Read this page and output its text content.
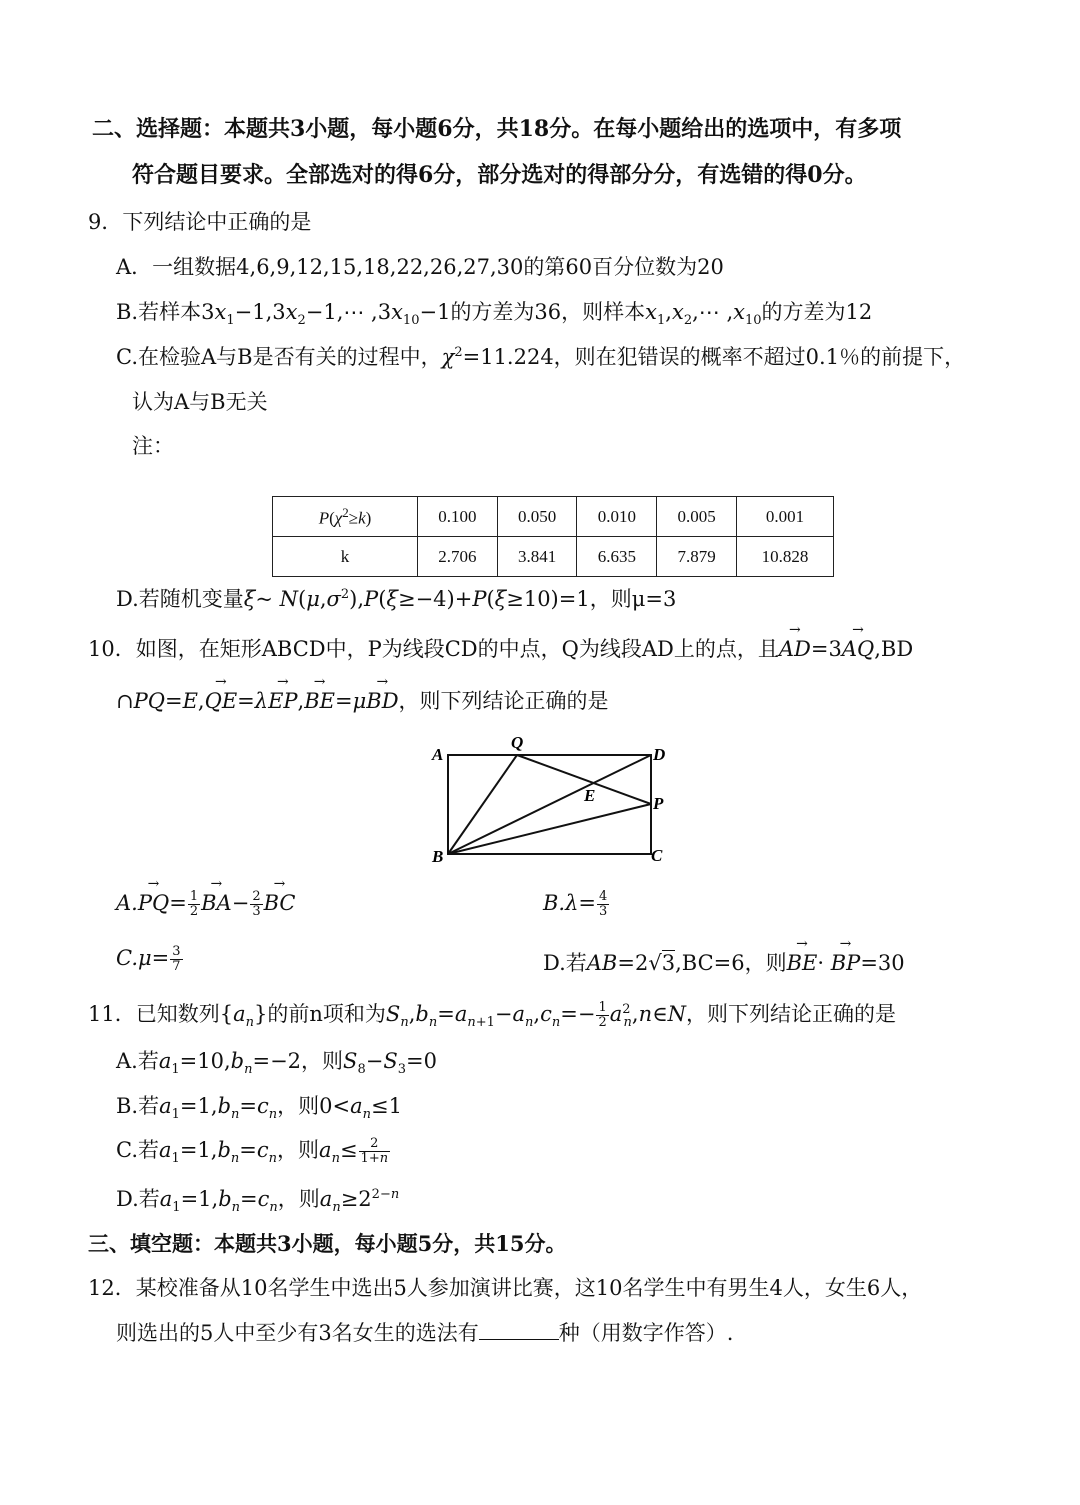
二、选择题：本题共3小题，每小题6分，共18分。在每小题给出的选项中，有多项
符合题目要求。全部选对的得6分，部分选对的得部分分，有选错的得0分。
9．下列结论中正确的是
A．一组数据4,6,9,12,15,18,22,26,27,30的第60百分位数为20
B.若样本$3x_1-1,3x_2-1,\cdots$ $,3x_{10}-1$的方差为36，则样本$x_1,x_2,\cdots$ $,x_{10}$的方差为12
C.在检验A与B是否有关的过程中，$\chi^2=11.224$，则在犯错误的概率不超过0.1％的前提下，
认为A与B无关
注：
$P(\chi^2\ge k)$	0.100	0.050	0.010	0.005	0.001
k	2.706	3.841	6.635	7.879	10.828
D.若随机变量ξ~ $N(\mu,\sigma^2),P(\xi\ge-4)+P(\xi\ge 10)=1$，则μ=3
10．如图，在矩形ABCD中，P为线段CD的中点，Q为线段AD上的点，且→ AD=3→ AQ,BD
∩PQ=E,→ QE=λ→ EP,→ BE=μ→ BD，则下列结论正确的是
A
Q
D
E	P
B	C
$A.\to PQ= \frac{1}{2} \to BA- \frac{2}{3}$ → BC	$B.\lambda= \frac{4}{3}$
$C.\mu= \frac{3}{7}$	D.若AB=2√3,BC=6，则→ BE· → BP=30
11．已知数列$\{a_n\}$的前n项和为$S_n,b_n=a_{n+1}-a_n,c_n=- \frac{1}{2}$ $a^2_n,n\in N$，则下列结论正确的是
A.若$a_1=10,b_n=-2$，则$S_8-S_3=0$
B.若$a_1=1,b_n=c_n$，则$0<a_n\le 1$
C.若$a_1=1,b_n=c_n$，则$a_n\le \frac{2}{1+n}$
D.若$a_1=1,b_n=c_n$，则$a_n\ge 2^{2-n}$
三、填空题：本题共3小题，每小题5分，共15分。
12．某校准备从10名学生中选出5人参加演讲比赛，这10名学生中有男生4人，女生6人，
则选出的5人中至少有3名女生的选法有	种（用数字作答）.
